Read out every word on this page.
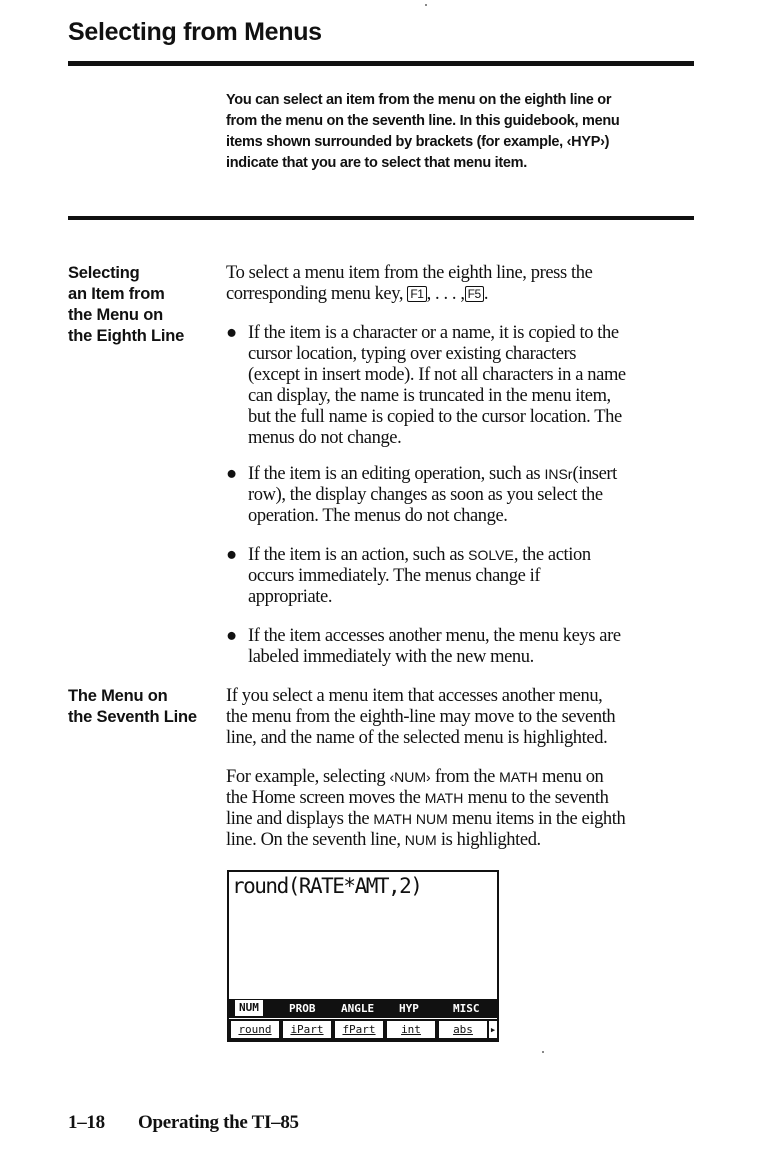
Selecting from Menus
You can select an item from the menu on the eighth line or
from the menu on the seventh line. In this guidebook, menu
items shown surrounded by brackets (for example, ‹HYP›)
indicate that you are to select that menu item.
Selecting
an Item from
the Menu on
the Eighth Line
To select a menu item from the eighth line, press the
corresponding menu key, F1 , . . . , F5 .
● If the item is a character or a name, it is copied to the
cursor location, typing over existing characters
(except in insert mode). If not all characters in a name
can display, the name is truncated in the menu item,
but the full name is copied to the cursor location. The
menus do not change.
● If the item is an editing operation, such as INSr(insert
row), the display changes as soon as you select the
operation. The menus do not change.
● If the item is an action, such as SOLVE, the action
occurs immediately. The menus change if
appropriate.
● If the item accesses another menu, the menu keys are
labeled immediately with the new menu.
The Menu on
the Seventh Line
If you select a menu item that accesses another menu,
the menu from the eighth-line may move to the seventh
line, and the name of the selected menu is highlighted.
For example, selecting ‹NUM› from the MATH menu on
the Home screen moves the MATH menu to the seventh
line and displays the MATH NUM menu items in the eighth
line. On the seventh line, NUM is highlighted.
round(RATE*AMT,2)
NUM	PROB ANGLE HYP	MISC
round	iPart	fPart	int	abs	▸
1–18 Operating the TI–85
